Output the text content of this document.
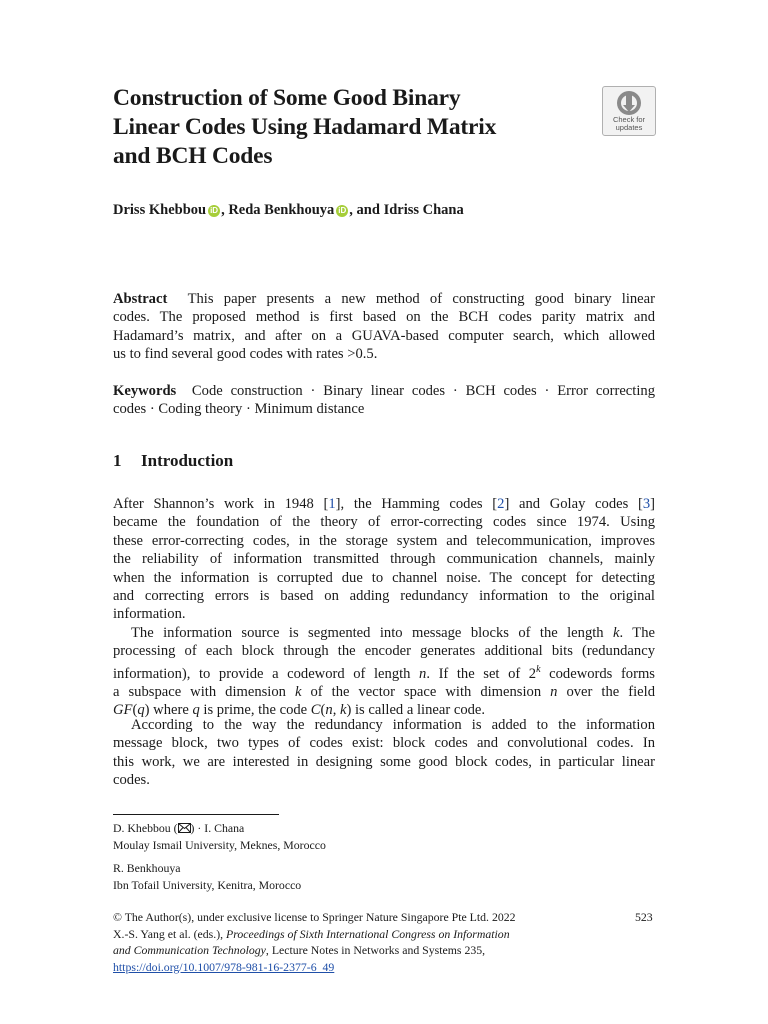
Construction of Some Good Binary
Linear Codes Using Hadamard Matrix
and BCH Codes
Check for
updates
Driss Khebbou iD , Reda Benkhouya iD , and Idriss Chana
Abstract This paper presents a new method of constructing good binary linear
codes. The proposed method is first based on the BCH codes parity matrix and
Hadamard’s matrix, and after on a GUAVA-based computer search, which allowed
us to find several good codes with rates >0.5.
Keywords Code construction · Binary linear codes · BCH codes · Error correcting
codes · Coding theory · Minimum distance
1 Introduction
After Shannon’s work in 1948 [1], the Hamming codes [2] and Golay codes [3]
became the foundation of the theory of error-correcting codes since 1974. Using
these error-correcting codes, in the storage system and telecommunication, improves
the reliability of information transmitted through communication channels, mainly
when the information is corrupted due to channel noise. The concept for detecting
and correcting errors is based on adding redundancy information to the original
information.
The information source is segmented into message blocks of the length k. The
processing of each block through the encoder generates additional bits (redundancy
information), to provide a codeword of length n. If the set of 2$^k$ codewords forms
a subspace with dimension k of the vector space with dimension n over the field
GF(q) where q is prime, the code C(n, k) is called a linear code.
According to the way the redundancy information is added to the information
message block, two types of codes exist: block codes and convolutional codes. In
this work, we are interested in designing some good block codes, in particular linear
codes.
D. Khebbou ( ) · I. Chana
Moulay Ismail University, Meknes, Morocco
R. Benkhouya
Ibn Tofail University, Kenitra, Morocco
© The Author(s), under exclusive license to Springer Nature Singapore Pte Ltd. 2022
X.-S. Yang et al. (eds.), Proceedings of Sixth International Congress on Information
and Communication Technology, Lecture Notes in Networks and Systems 235,
https://doi.org/10.1007/978-981-16-2377-6_49
523
